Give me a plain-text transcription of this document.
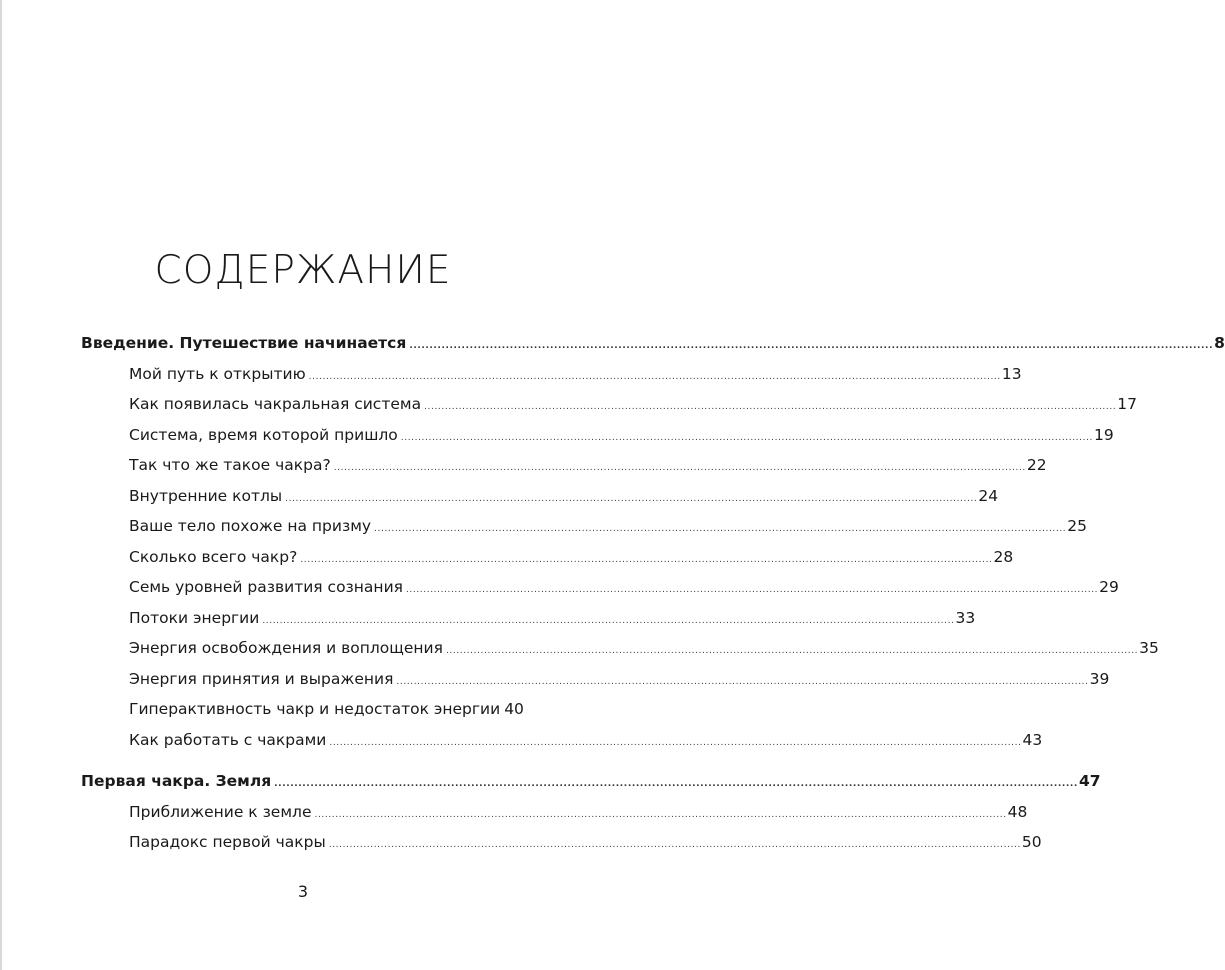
СОДЕРЖАНИЕ
Введение. Путешествие начинается ........................................................................................................................................................................................................ 8
Мой путь к открытию ........................................................................................................................................................................................................ 13
Как появилась чакральная система ........................................................................................................................................................................................................ 17
Система, время которой пришло ........................................................................................................................................................................................................ 19
Так что же такое чакра? ........................................................................................................................................................................................................ 22
Внутренние котлы ........................................................................................................................................................................................................ 24
Ваше тело похоже на призму ........................................................................................................................................................................................................ 25
Сколько всего чакр? ........................................................................................................................................................................................................ 28
Семь уровней развития сознания ........................................................................................................................................................................................................ 29
Потоки энергии ........................................................................................................................................................................................................ 33
Энергия освобождения и воплощения ........................................................................................................................................................................................................ 35
Энергия принятия и выражения ........................................................................................................................................................................................................ 39
Гиперактивность чакр и недостаток энергии 40
Как работать с чакрами ........................................................................................................................................................................................................ 43
Первая чакра. Земля ........................................................................................................................................................................................................ 47
Приближение к земле ........................................................................................................................................................................................................ 48
Парадокс первой чакры ........................................................................................................................................................................................................ 50
3
